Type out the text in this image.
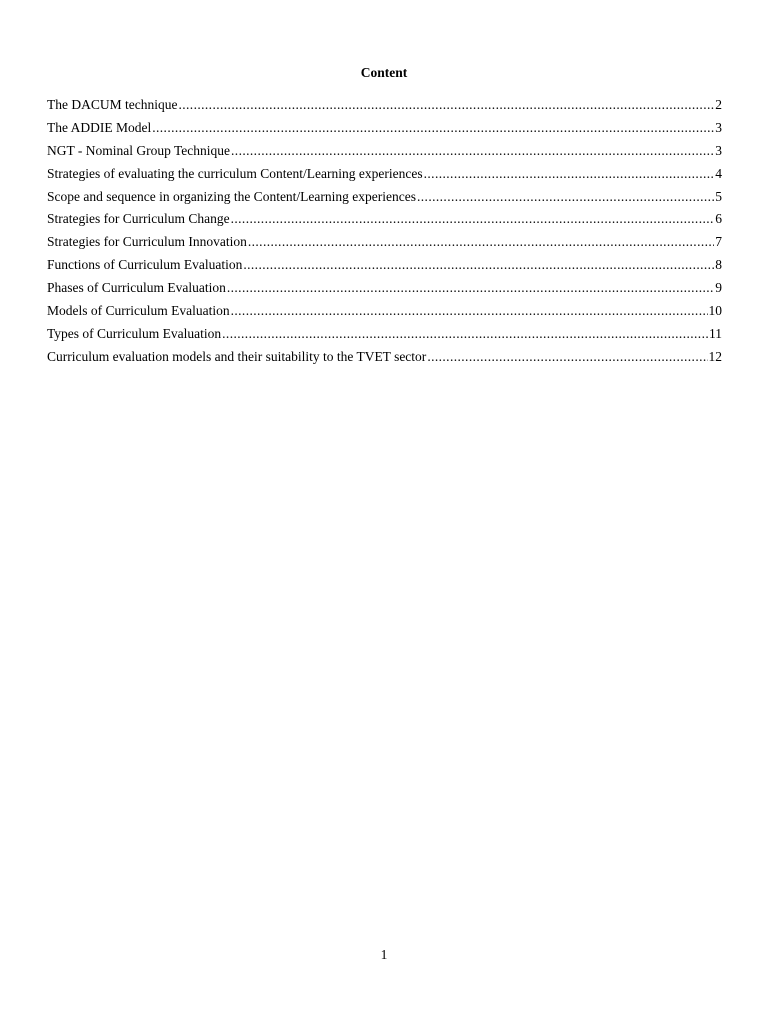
Content
The DACUM technique .....	2
The ADDIE Model .....	3
NGT - Nominal Group Technique .....	3
Strategies of evaluating the curriculum Content/Learning experiences .....	4
Scope and sequence in organizing the Content/Learning experiences .....	5
Strategies for Curriculum Change .....	6
Strategies for Curriculum Innovation .....	7
Functions of Curriculum Evaluation .....	8
Phases of Curriculum Evaluation .....	9
Models of Curriculum Evaluation .....	10
Types of Curriculum Evaluation .....	11
Curriculum evaluation models and their suitability to the TVET sector .....	12
1
